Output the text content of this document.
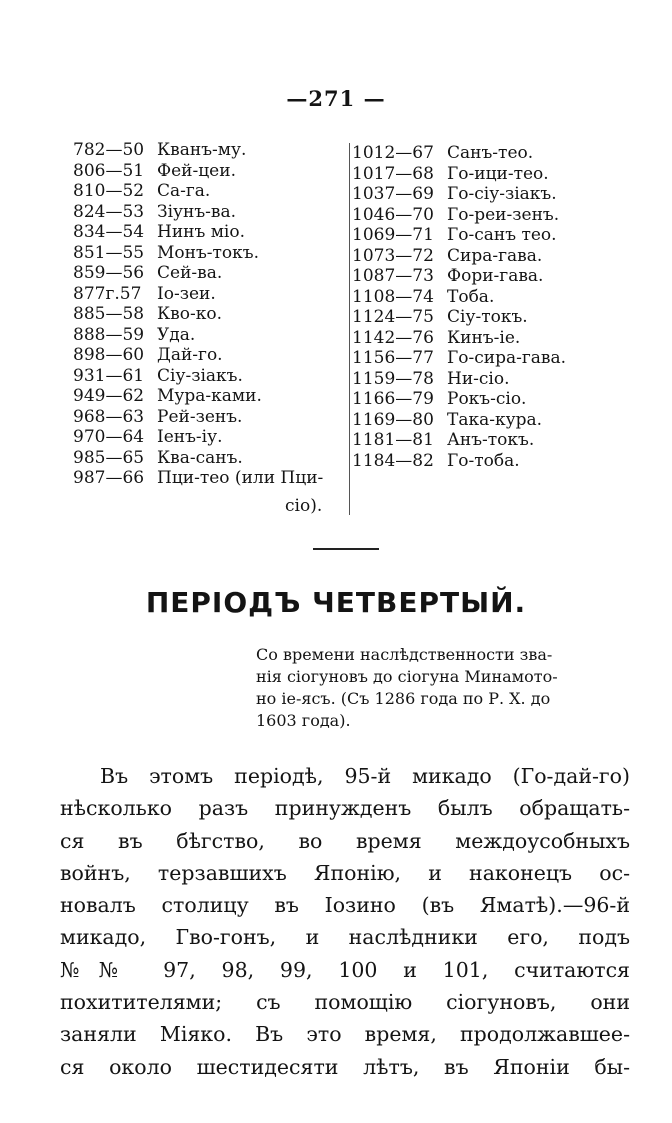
—271 —
782—50 Кванъ-му.
806—51 Фей-цеи.
810—52 Са-га.
824—53 Зіунъ-ва.
834—54 Нинъ міо.
851—55 Монъ-токъ.
859—56 Сей-ва.
877г.57 Іо-зеи.
885—58 Кво-ко.
888—59 Уда.
898—60 Дай-го.
931—61 Сіу-зіакъ.
949—62 Мура-ками.
968—63 Рей-зенъ.
970—64 Іенъ-іу.
985—65 Ква-санъ.
987—66 Пци-тео (или Пци-
сіо).
1012—67 Санъ-тео.
1017—68 Го-ици-тео.
1037—69 Го-сіу-зіакъ.
1046—70 Го-реи-зенъ.
1069—71 Го-санъ тео.
1073—72 Сира-гава.
1087—73 Фори-гава.
1108—74 Тоба.
1124—75 Сіу-токъ.
1142—76 Кинъ-іе.
1156—77 Го-сира-гава.
1159—78 Ни-сіо.
1166—79 Рокъ-сіо.
1169—80 Така-кура.
1181—81 Анъ-токъ.
1184—82 Го-тоба.
ПЕРІОДЪ ЧЕТВЕРТЫЙ.
Со времени наслѣдственности зва-
нія сіогуновъ до сіогуна Минамото-
но іе-ясъ. (Съ 1286 года по Р. Х. до
1603 года).
Въ этомъ періодѣ, 95-й микадо (Го-дай-го)
нѣсколько разъ принужденъ былъ обращать-
ся въ бѣгство, во время междоусобныхъ
войнъ, терзавшихъ Японію, и наконецъ ос-
новалъ столицу въ Іозино (въ Яматѣ).—96-й
микадо, Гво-гонъ, и наслѣдники его, подъ
№№ 97, 98, 99, 100 и 101, считаются
похитителями; съ помощію сіогуновъ, они
заняли Міяко. Въ это время, продолжавшее-
ся около шестидесяти лѣтъ, въ Японіи бы-
